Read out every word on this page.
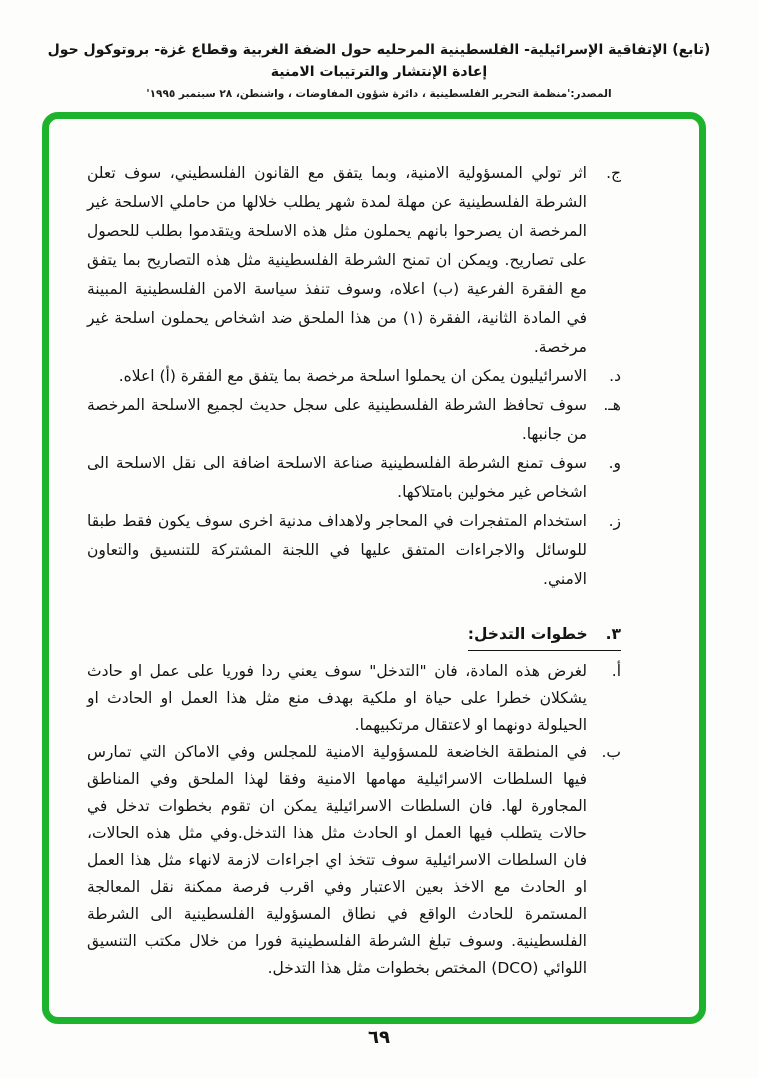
(تابع) الإتفاقية الإسرائيلية- الفلسطينية المرحليه حول الضفة الغربية وقطاع غزة- بروتوكول حول إعادة الإنتشار والترتيبات الامنية
المصدر:'منظمة التحرير الفلسطينية ، دائرة شؤون المفاوضات ، واشنطن، ٢٨ سبتمبر ١٩٩٥'
ج.
اثر تولي المسؤولية الامنية، وبما يتفق مع القانون الفلسطيني، سوف تعلن الشرطة الفلسطينية عن مهلة لمدة شهر يطلب خلالها من حاملي الاسلحة غير المرخصة ان يصرحوا بانهم يحملون مثل هذه الاسلحة ويتقدموا بطلب للحصول على تصاريح. ويمكن ان تمنح الشرطة الفلسطينية مثل هذه التصاريح بما يتفق مع الفقرة الفرعية (ب) اعلاه، وسوف تنفذ سياسة الامن الفلسطينية المبينة في المادة الثانية، الفقرة (١) من هذا الملحق ضد اشخاص يحملون اسلحة غير مرخصة.
د.
الاسرائيليون يمكن ان يحملوا اسلحة مرخصة بما يتفق مع الفقرة (أ) اعلاه.
هـ.
سوف تحافظ الشرطة الفلسطينية على سجل حديث لجميع الاسلحة المرخصة من جانبها.
و.
سوف تمنع الشرطة الفلسطينية صناعة الاسلحة اضافة الى نقل الاسلحة الى اشخاص غير مخولين بامتلاكها.
ز.
استخدام المتفجرات في المحاجر ولاهداف مدنية اخرى سوف يكون فقط طبقا للوسائل والاجراءات المتفق عليها في اللجنة المشتركة للتنسيق والتعاون الامني.
٣.خطوات التدخل:
أ.
لغرض هذه المادة، فان "التدخل" سوف يعني ردا فوريا على عمل او حادث يشكلان خطرا على حياة او ملكية بهدف منع مثل هذا العمل او الحادث او الحيلولة دونهما او لاعتقال مرتكبيهما.
ب.
في المنطقة الخاضعة للمسؤولية الامنية للمجلس وفي الاماكن التي تمارس فيها السلطات الاسرائيلية مهامها الامنية وفقا لهذا الملحق وفي المناطق المجاورة لها. فان السلطات الاسرائيلية يمكن ان تقوم بخطوات تدخل في حالات يتطلب فيها العمل او الحادث مثل هذا التدخل.وفي مثل هذه الحالات، فان السلطات الاسرائيلية سوف تتخذ اي اجراءات لازمة لانهاء مثل هذا العمل او الحادث مع الاخذ بعين الاعتبار وفي اقرب فرصة ممكنة نقل المعالجة المستمرة للحادث الواقع في نطاق المسؤولية الفلسطينية الى الشرطة الفلسطينية. وسوف تبلغ الشرطة الفلسطينية فورا من خلال مكتب التنسيق اللوائي (DCO) المختص بخطوات مثل هذا التدخل.
٦٩
